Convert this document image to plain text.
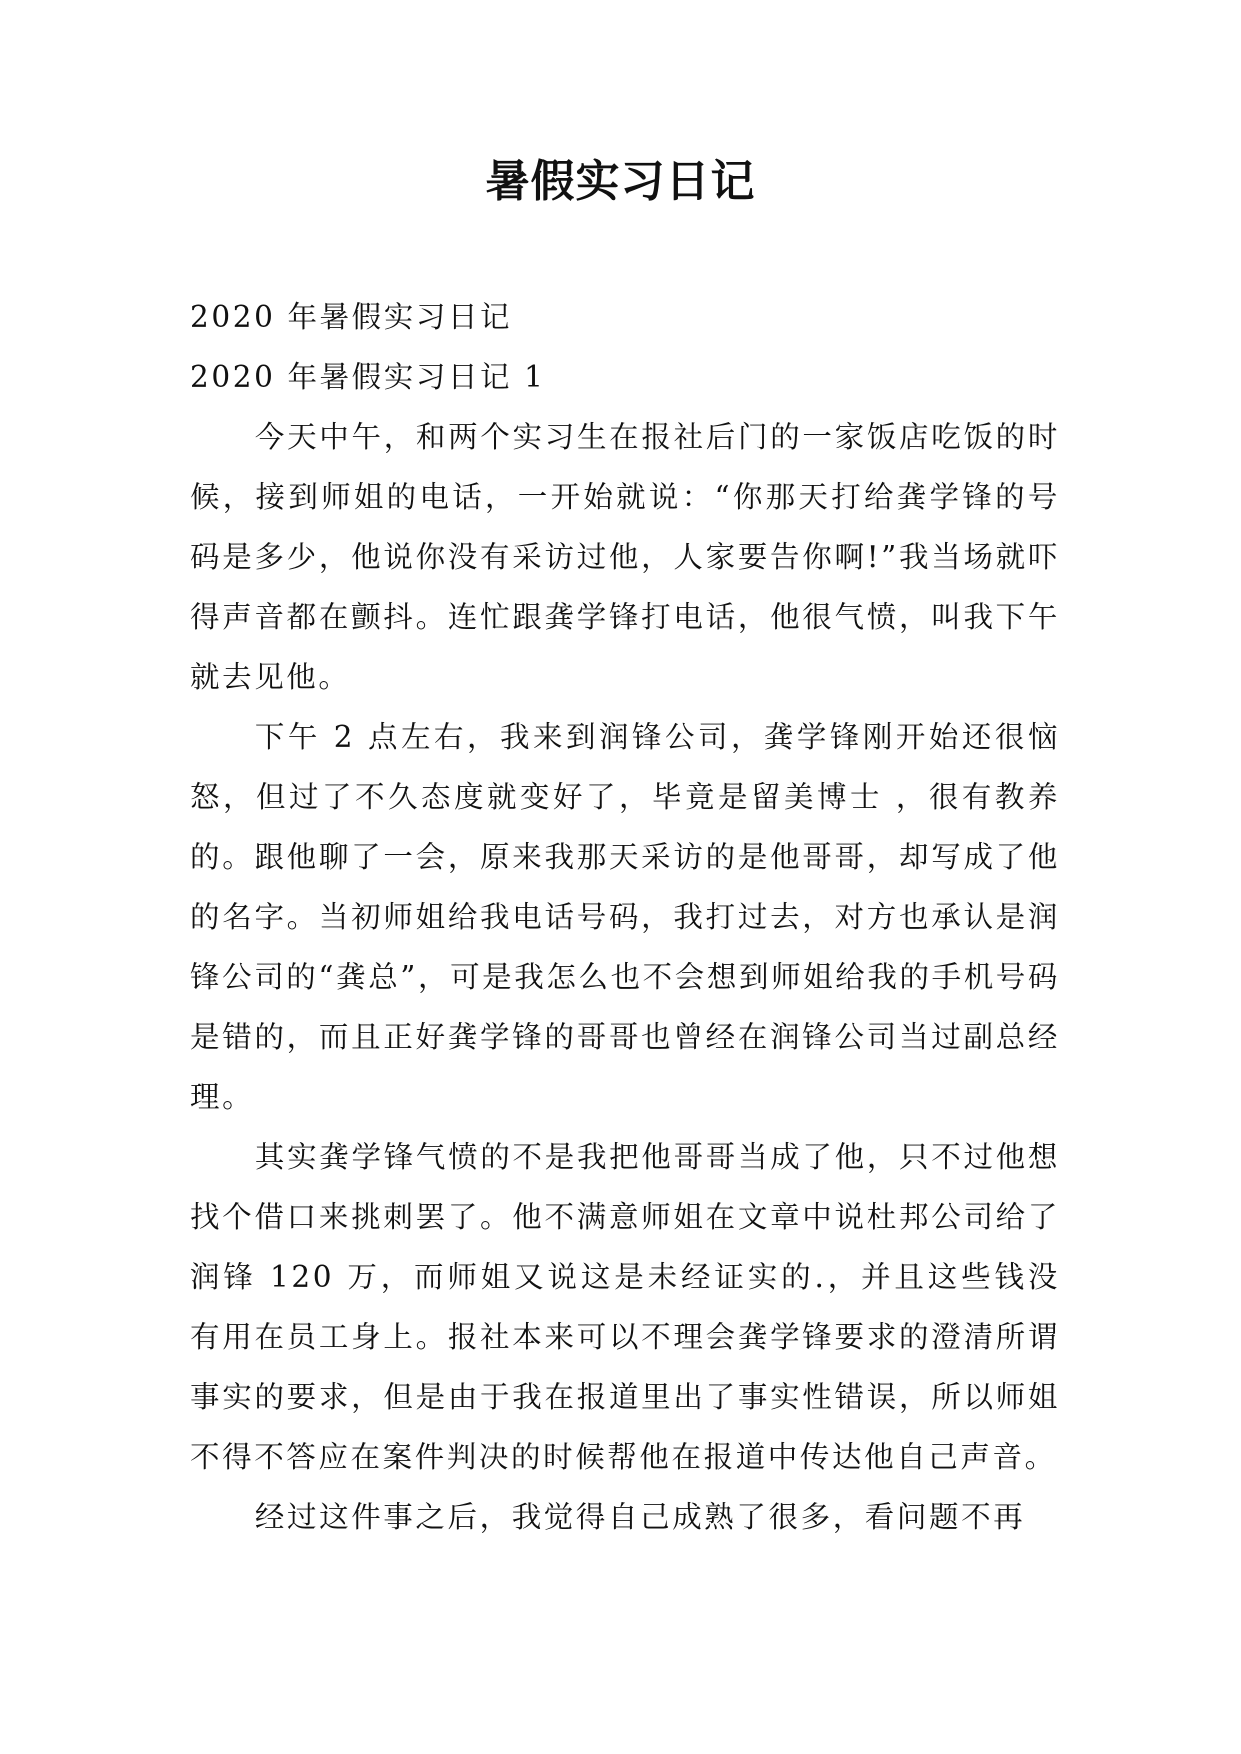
暑假实习日记

2020 年暑假实习日记

2020 年暑假实习日记 1

今天中午，和两个实习生在报社后门的一家饭店吃饭的时候，接到师姐的电话，一开始就说：“你那天打给龚学锋的号码是多少，他说你没有采访过他，人家要告你啊!”我当场就吓得声音都在颤抖。连忙跟龚学锋打电话，他很气愤，叫我下午就去见他。

下午 2 点左右，我来到润锋公司，龚学锋刚开始还很恼怒，但过了不久态度就变好了，毕竟是留美博士 ，很有教养的。跟他聊了一会，原来我那天采访的是他哥哥，却写成了他的名字。当初师姐给我电话号码，我打过去，对方也承认是润锋公司的“龚总”，可是我怎么也不会想到师姐给我的手机号码是错的，而且正好龚学锋的哥哥也曾经在润锋公司当过副总经理。

其实龚学锋气愤的不是我把他哥哥当成了他，只不过他想找个借口来挑刺罢了。他不满意师姐在文章中说杜邦公司给了润锋 120 万，而师姐又说这是未经证实的.，并且这些钱没有用在员工身上。报社本来可以不理会龚学锋要求的澄清所谓事实的要求，但是由于我在报道里出了事实性错误，所以师姐不得不答应在案件判决的时候帮他在报道中传达他自己声音。

经过这件事之后，我觉得自己成熟了很多，看问题不再
